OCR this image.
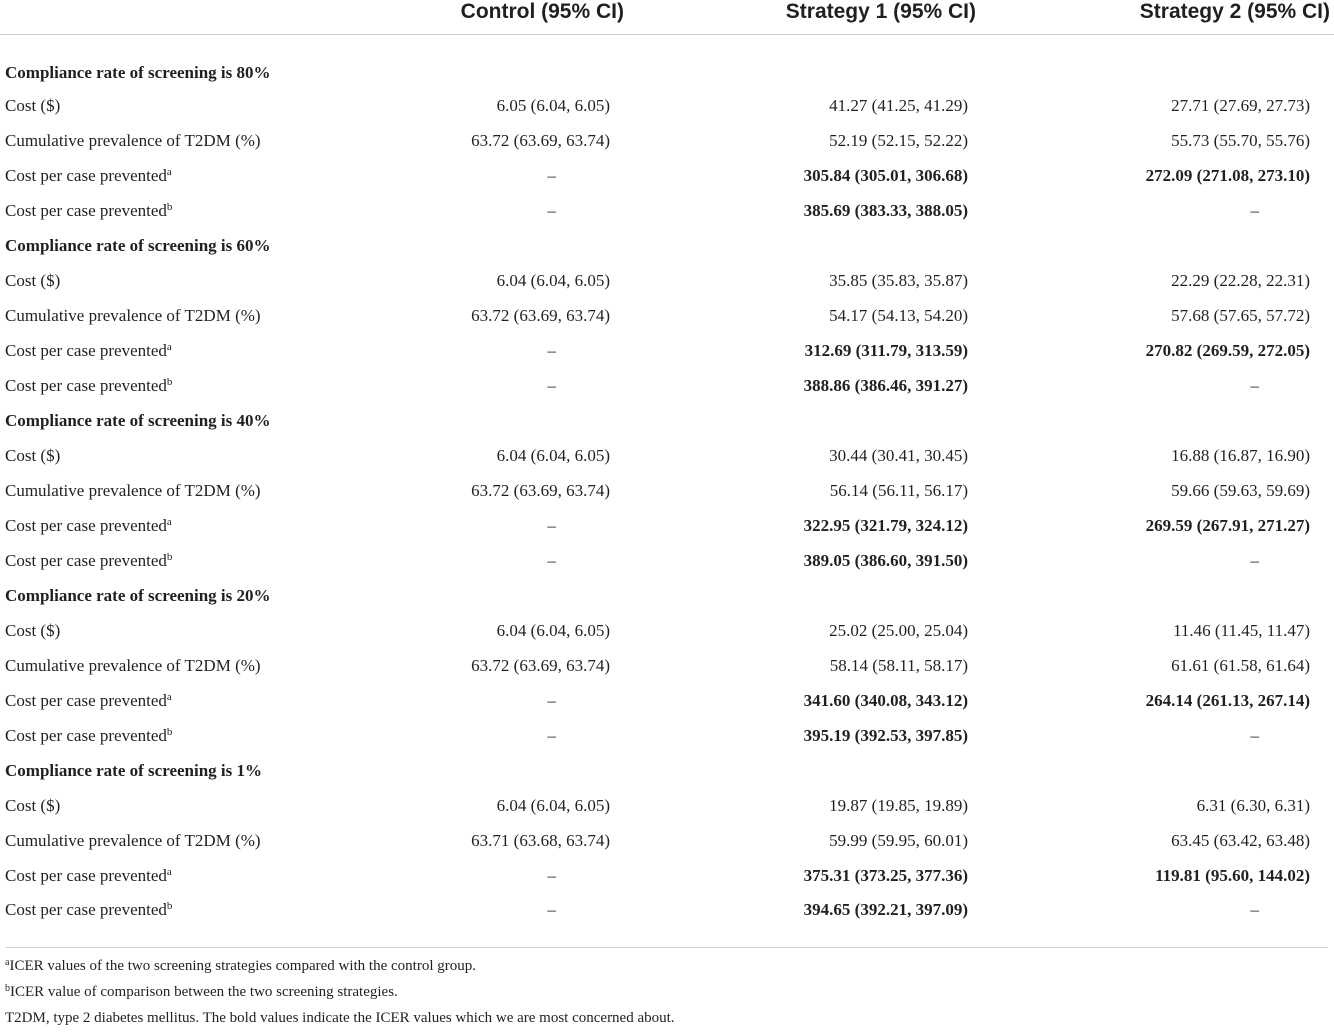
	Control (95% CI)	Strategy 1 (95% CI)	Strategy 2 (95% CI)
Compliance rate of screening is 80%			
Cost ($)	6.05 (6.04, 6.05)	41.27 (41.25, 41.29)	27.71 (27.69, 27.73)
Cumulative prevalence of T2DM (%)	63.72 (63.69, 63.74)	52.19 (52.15, 52.22)	55.73 (55.70, 55.76)
Cost per case prevented$^a$	–	305.84 (305.01, 306.68)	272.09 (271.08, 273.10)
Cost per case prevented$^b$	–	385.69 (383.33, 388.05)	–
Compliance rate of screening is 60%			
Cost ($)	6.04 (6.04, 6.05)	35.85 (35.83, 35.87)	22.29 (22.28, 22.31)
Cumulative prevalence of T2DM (%)	63.72 (63.69, 63.74)	54.17 (54.13, 54.20)	57.68 (57.65, 57.72)
Cost per case prevented$^a$	–	312.69 (311.79, 313.59)	270.82 (269.59, 272.05)
Cost per case prevented$^b$	–	388.86 (386.46, 391.27)	–
Compliance rate of screening is 40%			
Cost ($)	6.04 (6.04, 6.05)	30.44 (30.41, 30.45)	16.88 (16.87, 16.90)
Cumulative prevalence of T2DM (%)	63.72 (63.69, 63.74)	56.14 (56.11, 56.17)	59.66 (59.63, 59.69)
Cost per case prevented$^a$	–	322.95 (321.79, 324.12)	269.59 (267.91, 271.27)
Cost per case prevented$^b$	–	389.05 (386.60, 391.50)	–
Compliance rate of screening is 20%			
Cost ($)	6.04 (6.04, 6.05)	25.02 (25.00, 25.04)	11.46 (11.45, 11.47)
Cumulative prevalence of T2DM (%)	63.72 (63.69, 63.74)	58.14 (58.11, 58.17)	61.61 (61.58, 61.64)
Cost per case prevented$^a$	–	341.60 (340.08, 343.12)	264.14 (261.13, 267.14)
Cost per case prevented$^b$	–	395.19 (392.53, 397.85)	–
Compliance rate of screening is 1%			
Cost ($)	6.04 (6.04, 6.05)	19.87 (19.85, 19.89)	6.31 (6.30, 6.31)
Cumulative prevalence of T2DM (%)	63.71 (63.68, 63.74)	59.99 (59.95, 60.01)	63.45 (63.42, 63.48)
Cost per case prevented$^a$	–	375.31 (373.25, 377.36)	119.81 (95.60, 144.02)
Cost per case prevented$^b$	–	394.65 (392.21, 397.09)	–
$^a$ICER values of the two screening strategies compared with the control group.
$^b$ICER value of comparison between the two screening strategies.
T2DM, type 2 diabetes mellitus. The bold values indicate the ICER values which we are most concerned about.
